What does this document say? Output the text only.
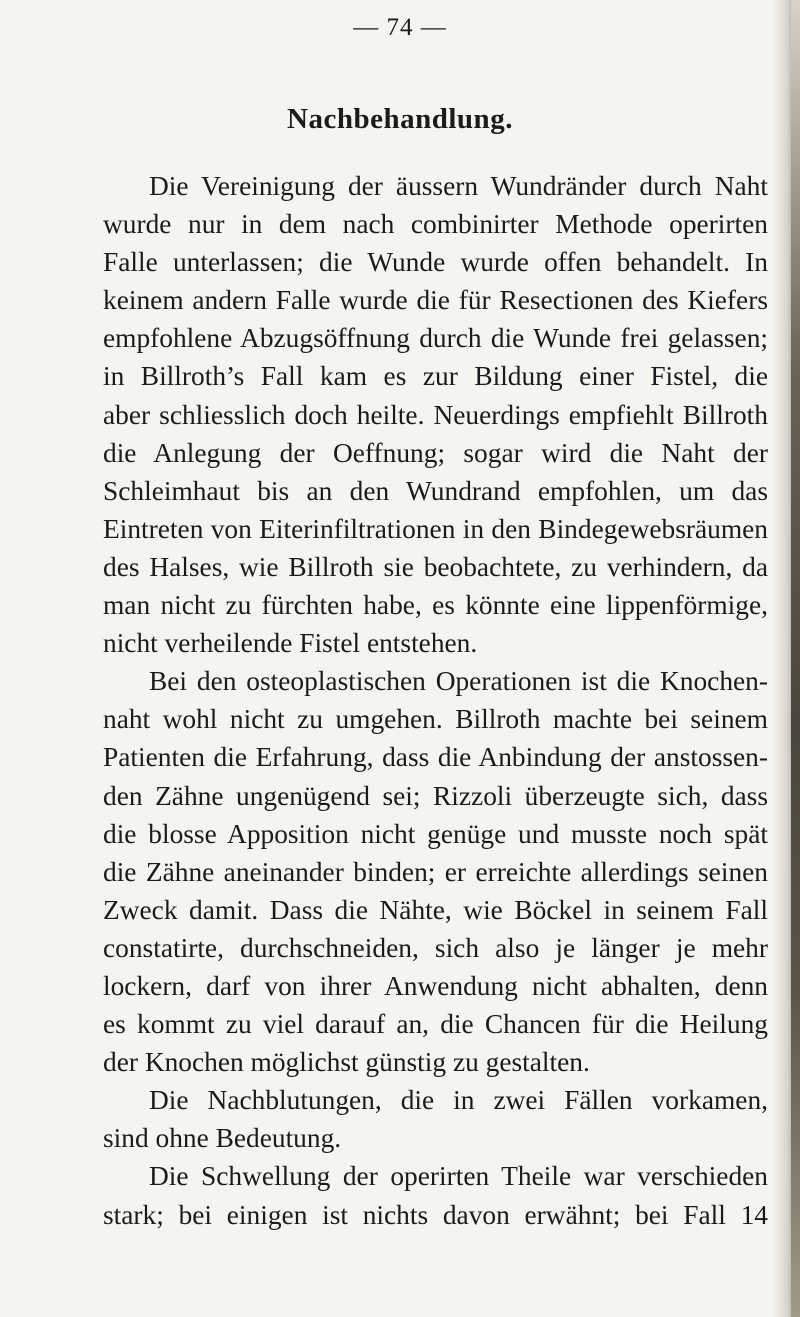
— 74 —
Nachbehandlung.
Die Vereinigung der äussern Wundränder durch Naht
wurde nur in dem nach combinirter Methode operirten
Falle unterlassen; die Wunde wurde offen behandelt. In
keinem andern Falle wurde die für Resectionen des Kiefers
empfohlene Abzugsöffnung durch die Wunde frei gelassen;
in Billroth’s Fall kam es zur Bildung einer Fistel, die
aber schliesslich doch heilte. Neuerdings empfiehlt Billroth
die Anlegung der Oeffnung; sogar wird die Naht der
Schleimhaut bis an den Wundrand empfohlen, um das
Eintreten von Eiterinfiltrationen in den Bindegewebsräumen
des Halses, wie Billroth sie beobachtete, zu verhindern, da
man nicht zu fürchten habe, es könnte eine lippenförmige,
nicht verheilende Fistel entstehen.
Bei den osteoplastischen Operationen ist die Knochen-
naht wohl nicht zu umgehen. Billroth machte bei seinem
Patienten die Erfahrung, dass die Anbindung der anstossen-
den Zähne ungenügend sei; Rizzoli überzeugte sich, dass
die blosse Apposition nicht genüge und musste noch spät
die Zähne aneinander binden; er erreichte allerdings seinen
Zweck damit. Dass die Nähte, wie Böckel in seinem Fall
constatirte, durchschneiden, sich also je länger je mehr
lockern, darf von ihrer Anwendung nicht abhalten, denn
es kommt zu viel darauf an, die Chancen für die Heilung
der Knochen möglichst günstig zu gestalten.
Die Nachblutungen, die in zwei Fällen vorkamen,
sind ohne Bedeutung.
Die Schwellung der operirten Theile war verschieden
stark; bei einigen ist nichts davon erwähnt; bei Fall 14
